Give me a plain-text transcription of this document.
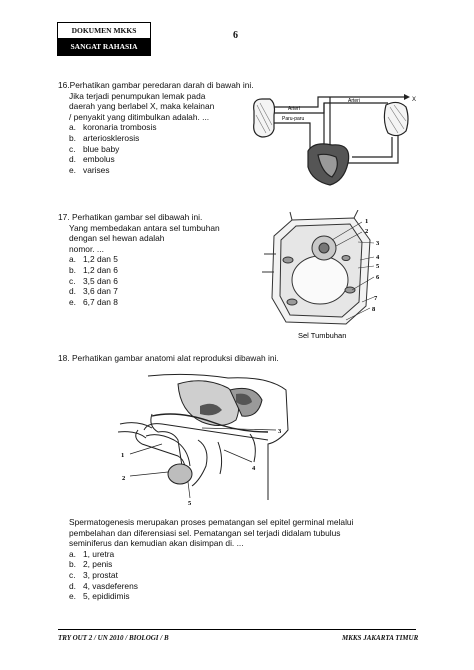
DOKUMEN MKKS
SANGAT RAHASIA
6
16.Perhatikan gambar peredaran darah di bawah ini.
Jika terjadi penumpukan lemak pada
daerah yang berlabel X, maka kelainan
/ penyakit yang ditimbulkan adalah. ...
a. koronaria trombosis
b. arteriosklerosis
c. blue baby
d. embolus
e. varises
Arteri
Arteri
Paru-paru
X
17. Perhatikan gambar sel dibawah ini.
Yang membedakan antara sel tumbuhan
dengan sel hewan adalah
nomor. ...
a. 1,2 dan 5
b. 1,2 dan 6
c. 3,5 dan 6
d. 3,6 dan 7
e. 6,7 dan 8
1
2
3
4
5
6
7
8
Sel Tumbuhan
18. Perhatikan gambar anatomi alat reproduksi dibawah ini.
1
2
3
4
5
Spermatogenesis merupakan proses pematangan sel epitel germinal melalui
pembelahan dan diferensiasi sel. Pematangan sel terjadi didalam tubulus
seminiferus dan kemudian akan disimpan di. ...
a. 1, uretra
b. 2, penis
c. 3, prostat
d. 4, vasdeferens
e. 5, epididimis
TRY OUT 2 / UN 2010 / BIOLOGI / B	MKKS JAKARTA TIMUR
